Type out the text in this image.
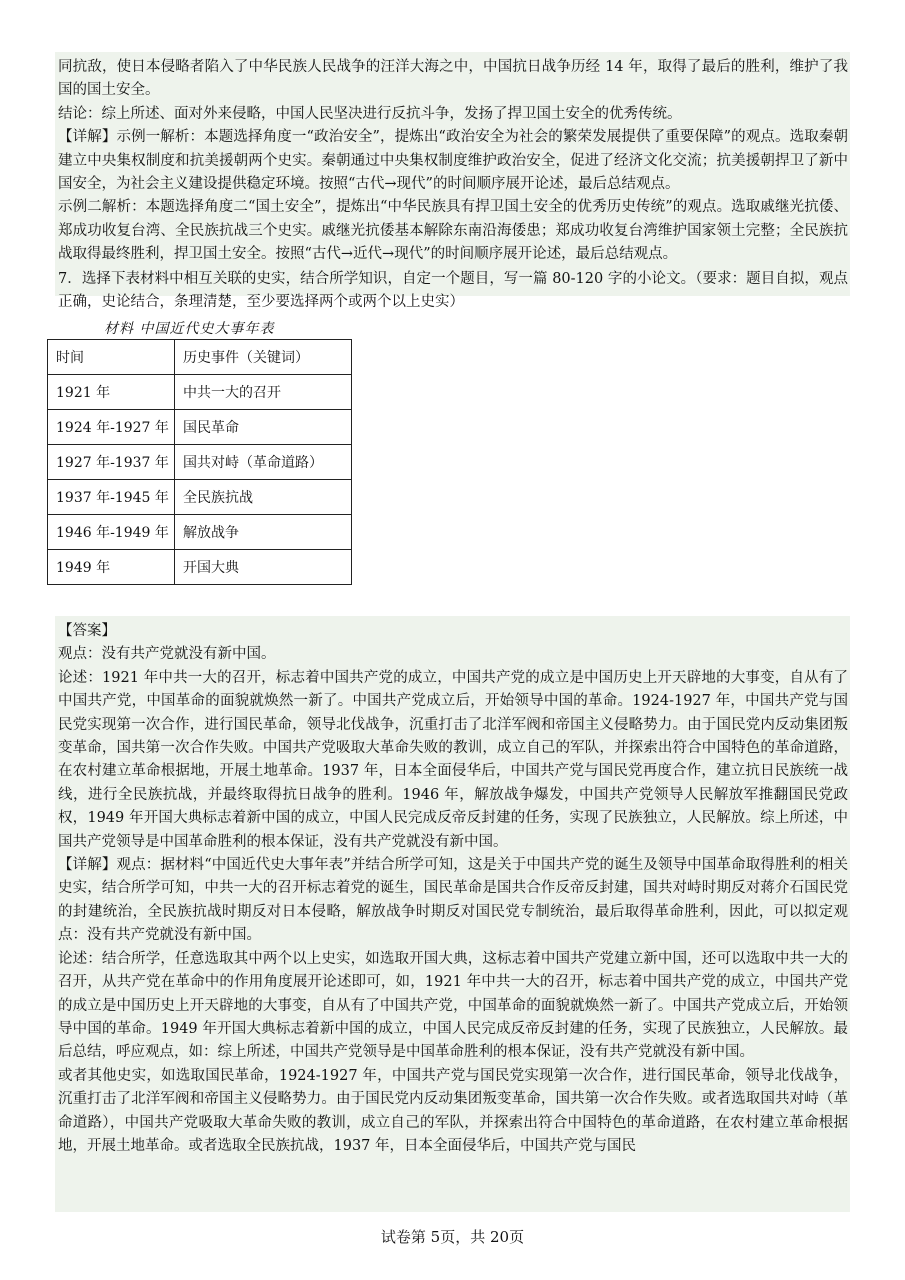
同抗敌，使日本侵略者陷入了中华民族人民战争的汪洋大海之中，中国抗日战争历经 14 年，取得了最后的胜利，维护了我国的国土安全。

结论：综上所述、面对外来侵略，中国人民坚决进行反抗斗争，发扬了捍卫国土安全的优秀传统。

【详解】示例一解析：本题选择角度一“政治安全”，提炼出“政治安全为社会的繁荣发展提供了重要保障”的观点。选取秦朝建立中央集权制度和抗美援朝两个史实。秦朝通过中央集权制度维护政治安全，促进了经济文化交流；抗美援朝捍卫了新中国安全，为社会主义建设提供稳定环境。按照“古代→现代”的时间顺序展开论述，最后总结观点。

示例二解析：本题选择角度二“国土安全”，提炼出“中华民族具有捍卫国土安全的优秀历史传统”的观点。选取戚继光抗倭、郑成功收复台湾、全民族抗战三个史实。戚继光抗倭基本解除东南沿海倭患；郑成功收复台湾维护国家领土完整；全民族抗战取得最终胜利，捍卫国土安全。按照“古代→近代→现代”的时间顺序展开论述，最后总结观点。

7．选择下表材料中相互关联的史实，结合所学知识，自定一个题目，写一篇 80-120 字的小论文。（要求：题目自拟，观点正确，史论结合，条理清楚，至少要选择两个或两个以上史实）

材料 中国近代史大事年表
时间	历史事件（关键词）
1921 年	中共一大的召开
1924 年-1927 年	国民革命
1927 年-1937 年	国共对峙（革命道路）
1937 年-1945 年	全民族抗战
1946 年-1949 年	解放战争
1949 年	开国大典

【答案】

观点：没有共产党就没有新中国。

论述：1921 年中共一大的召开，标志着中国共产党的成立，中国共产党的成立是中国历史上开天辟地的大事变，自从有了中国共产党，中国革命的面貌就焕然一新了。中国共产党成立后，开始领导中国的革命。1924-1927 年，中国共产党与国民党实现第一次合作，进行国民革命，领导北伐战争，沉重打击了北洋军阀和帝国主义侵略势力。由于国民党内反动集团叛变革命，国共第一次合作失败。中国共产党吸取大革命失败的教训，成立自己的军队，并探索出符合中国特色的革命道路，在农村建立革命根据地，开展土地革命。1937 年，日本全面侵华后，中国共产党与国民党再度合作，建立抗日民族统一战线，进行全民族抗战，并最终取得抗日战争的胜利。1946 年，解放战争爆发，中国共产党领导人民解放军推翻国民党政权，1949 年开国大典标志着新中国的成立，中国人民完成反帝反封建的任务，实现了民族独立，人民解放。综上所述，中国共产党领导是中国革命胜利的根本保证，没有共产党就没有新中国。

【详解】观点：据材料“中国近代史大事年表”并结合所学可知，这是关于中国共产党的诞生及领导中国革命取得胜利的相关史实，结合所学可知，中共一大的召开标志着党的诞生，国民革命是国共合作反帝反封建，国共对峙时期反对蒋介石国民党的封建统治，全民族抗战时期反对日本侵略，解放战争时期反对国民党专制统治，最后取得革命胜利，因此，可以拟定观点：没有共产党就没有新中国。

论述：结合所学，任意选取其中两个以上史实，如选取开国大典，这标志着中国共产党建立新中国，还可以选取中共一大的召开，从共产党在革命中的作用角度展开论述即可，如，1921 年中共一大的召开，标志着中国共产党的成立，中国共产党的成立是中国历史上开天辟地的大事变，自从有了中国共产党，中国革命的面貌就焕然一新了。中国共产党成立后，开始领导中国的革命。1949 年开国大典标志着新中国的成立，中国人民完成反帝反封建的任务，实现了民族独立，人民解放。最后总结，呼应观点，如：综上所述，中国共产党领导是中国革命胜利的根本保证，没有共产党就没有新中国。

或者其他史实，如选取国民革命，1924-1927 年，中国共产党与国民党实现第一次合作，进行国民革命，领导北伐战争，沉重打击了北洋军阀和帝国主义侵略势力。由于国民党内反动集团叛变革命，国共第一次合作失败。或者选取国共对峙（革命道路），中国共产党吸取大革命失败的教训，成立自己的军队，并探索出符合中国特色的革命道路，在农村建立革命根据地，开展土地革命。或者选取全民族抗战，1937 年，日本全面侵华后，中国共产党与国民

试卷第 5页，共 20页
